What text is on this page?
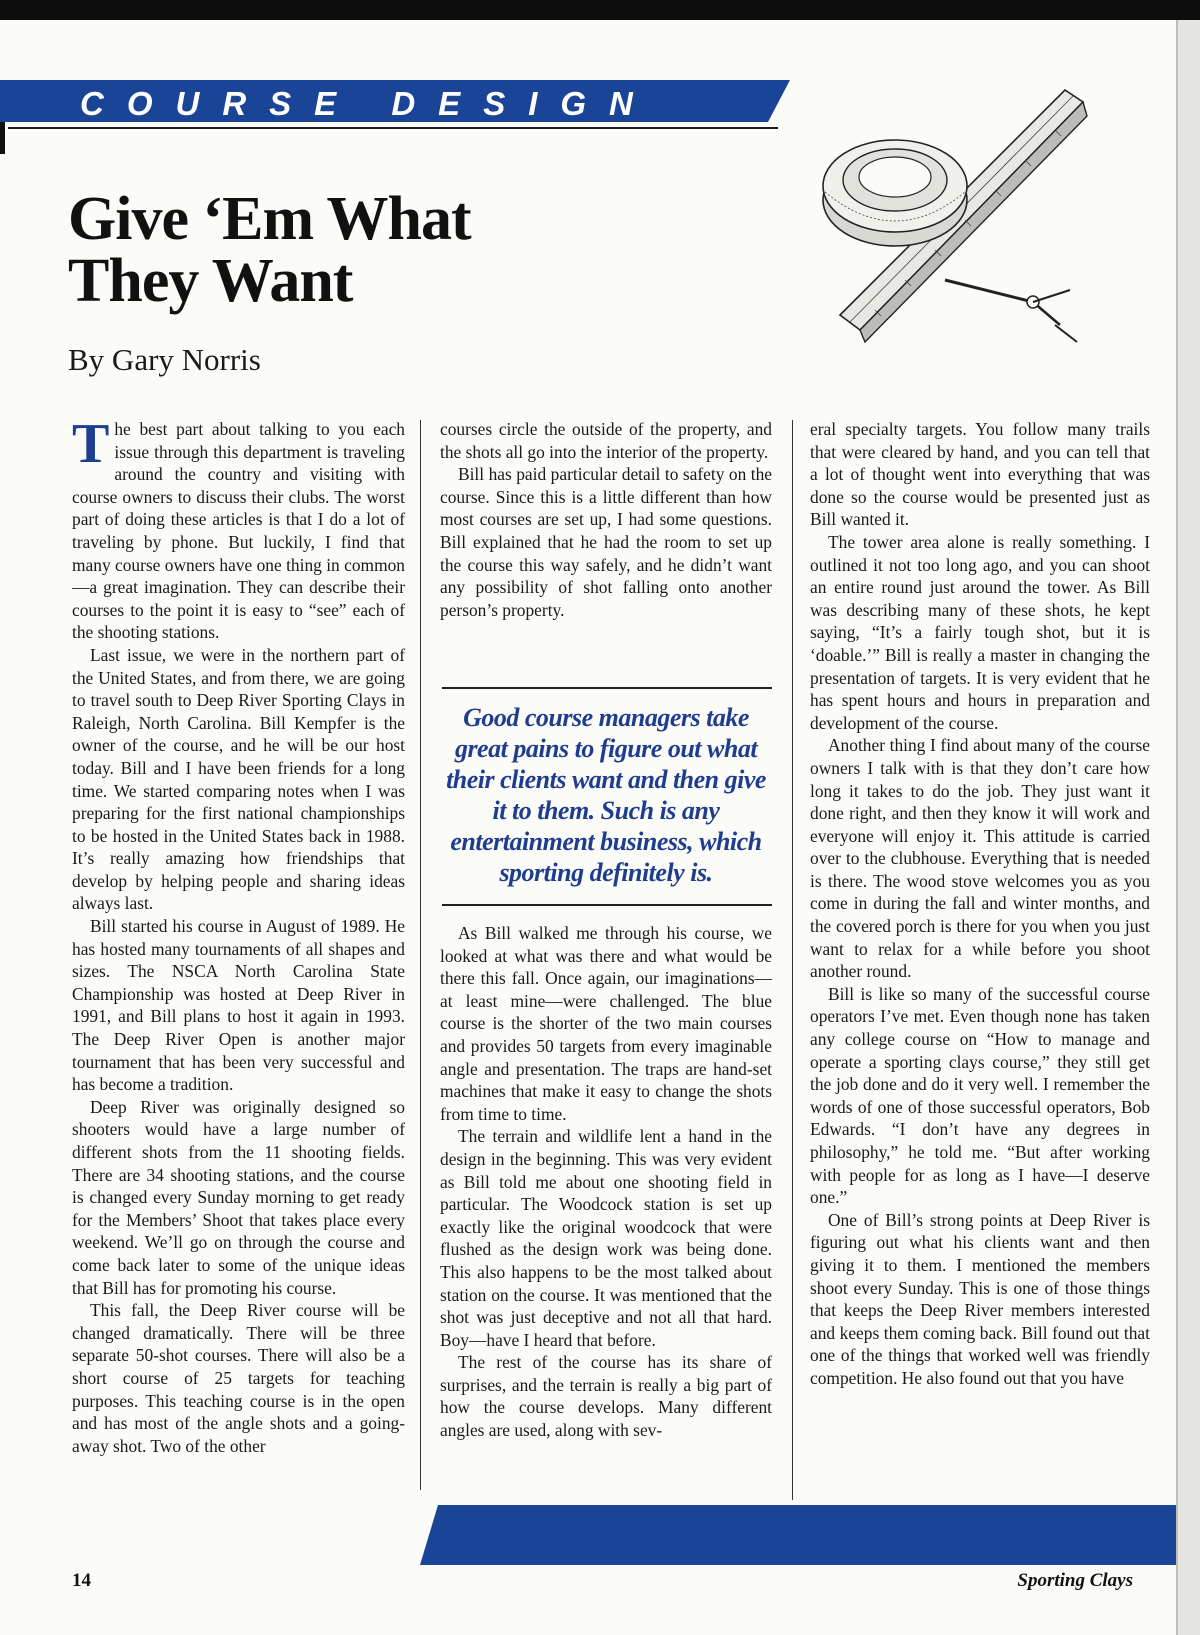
COURSE DESIGN
Give ‘Em What They Want
By Gary Norris

The best part about talking to you each issue through this department is traveling around the country and visiting with course owners to discuss their clubs. The worst part of doing these articles is that I do a lot of traveling by phone. But luckily, I find that many course owners have one thing in common—a great imagination. They can describe their courses to the point it is easy to “see” each of the shooting stations.

Last issue, we were in the northern part of the United States, and from there, we are going to travel south to Deep River Sporting Clays in Raleigh, North Carolina. Bill Kempfer is the owner of the course, and he will be our host today. Bill and I have been friends for a long time. We started comparing notes when I was preparing for the first national championships to be hosted in the United States back in 1988. It’s really amazing how friendships that develop by helping people and sharing ideas always last.

Bill started his course in August of 1989. He has hosted many tournaments of all shapes and sizes. The NSCA North Carolina State Championship was hosted at Deep River in 1991, and Bill plans to host it again in 1993. The Deep River Open is another major tournament that has been very successful and has become a tradition.

Deep River was originally designed so shooters would have a large number of different shots from the 11 shooting fields. There are 34 shooting stations, and the course is changed every Sunday morning to get ready for the Members’ Shoot that takes place every weekend. We’ll go on through the course and come back later to some of the unique ideas that Bill has for promoting his course.

This fall, the Deep River course will be changed dramatically. There will be three separate 50-shot courses. There will also be a short course of 25 targets for teaching purposes. This teaching course is in the open and has most of the angle shots and a going-away shot. Two of the other

courses circle the outside of the property, and the shots all go into the interior of the property.

Bill has paid particular detail to safety on the course. Since this is a little different than how most courses are set up, I had some questions. Bill explained that he had the room to set up the course this way safely, and he didn’t want any possibility of shot falling onto another person’s property.

Good course managers take great pains to figure out what their clients want and then give it to them. Such is any entertainment business, which sporting definitely is.

As Bill walked me through his course, we looked at what was there and what would be there this fall. Once again, our imaginations—at least mine—were challenged. The blue course is the shorter of the two main courses and provides 50 targets from every imaginable angle and presentation. The traps are hand-set machines that make it easy to change the shots from time to time.

The terrain and wildlife lent a hand in the design in the beginning. This was very evident as Bill told me about one shooting field in particular. The Woodcock station is set up exactly like the original woodcock that were flushed as the design work was being done. This also happens to be the most talked about station on the course. It was mentioned that the shot was just deceptive and not all that hard. Boy—have I heard that before.

The rest of the course has its share of surprises, and the terrain is really a big part of how the course develops. Many different angles are used, along with sev-

eral specialty targets. You follow many trails that were cleared by hand, and you can tell that a lot of thought went into everything that was done so the course would be presented just as Bill wanted it.

The tower area alone is really something. I outlined it not too long ago, and you can shoot an entire round just around the tower. As Bill was describing many of these shots, he kept saying, “It’s a fairly tough shot, but it is ‘doable.’” Bill is really a master in changing the presentation of targets. It is very evident that he has spent hours and hours in preparation and development of the course.

Another thing I find about many of the course owners I talk with is that they don’t care how long it takes to do the job. They just want it done right, and then they know it will work and everyone will enjoy it. This attitude is carried over to the clubhouse. Everything that is needed is there. The wood stove welcomes you as you come in during the fall and winter months, and the covered porch is there for you when you just want to relax for a while before you shoot another round.

Bill is like so many of the successful course operators I’ve met. Even though none has taken any college course on “How to manage and operate a sporting clays course,” they still get the job done and do it very well. I remember the words of one of those successful operators, Bob Edwards. “I don’t have any degrees in philosophy,” he told me. “But after working with people for as long as I have—I deserve one.”

One of Bill’s strong points at Deep River is figuring out what his clients want and then giving it to them. I mentioned the members shoot every Sunday. This is one of those things that keeps the Deep River members interested and keeps them coming back. Bill found out that one of the things that worked well was friendly competition. He also found out that you have

14	Sporting Clays
